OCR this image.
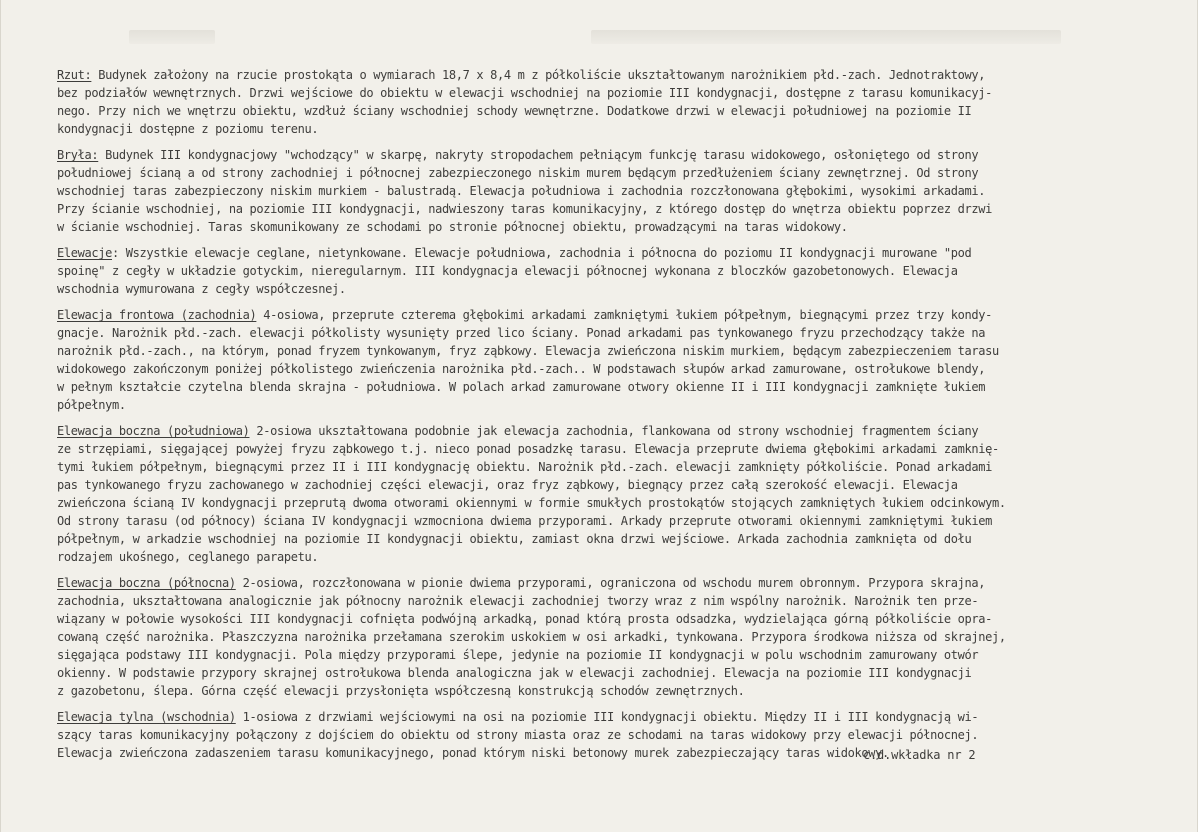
Rzut: Budynek założony na rzucie prostokąta o wymiarach 18,7 x 8,4 m z półkoliście ukształtowanym narożnikiem płd.-zach. Jednotraktowy,
bez podziałów wewnętrznych. Drzwi wejściowe do obiektu w elewacji wschodniej na poziomie III kondygnacji, dostępne z tarasu komunikacyj-
nego. Przy nich we wnętrzu obiektu, wzdłuż ściany wschodniej schody wewnętrzne. Dodatkowe drzwi w elewacji południowej na poziomie II
kondygnacji dostępne z poziomu terenu.

Bryła: Budynek III kondygnacjowy "wchodzący" w skarpę, nakryty stropodachem pełniącym funkcję tarasu widokowego, osłoniętego od strony
południowej ścianą a od strony zachodniej i północnej zabezpieczonego niskim murem będącym przedłużeniem ściany zewnętrznej. Od strony
wschodniej taras zabezpieczony niskim murkiem - balustradą. Elewacja południowa i zachodnia rozczłonowana głębokimi, wysokimi arkadami.
Przy ścianie wschodniej, na poziomie III kondygnacji, nadwieszony taras komunikacyjny, z którego dostęp do wnętrza obiektu poprzez drzwi
w ścianie wschodniej. Taras skomunikowany ze schodami po stronie północnej obiektu, prowadzącymi na taras widokowy.

Elewacje: Wszystkie elewacje ceglane, nietynkowane. Elewacje południowa, zachodnia i północna do poziomu II kondygnacji murowane "pod
spoinę" z cegły w układzie gotyckim, nieregularnym. III kondygnacja elewacji północnej wykonana z bloczków gazobetonowych. Elewacja
wschodnia wymurowana z cegły współczesnej.

Elewacja frontowa (zachodnia) 4-osiowa, przeprute czterema głębokimi arkadami zamkniętymi łukiem półpełnym, biegnącymi przez trzy kondy-
gnacje. Narożnik płd.-zach. elewacji półkolisty wysunięty przed lico ściany. Ponad arkadami pas tynkowanego fryzu przechodzący także na
narożnik płd.-zach., na którym, ponad fryzem tynkowanym, fryz ząbkowy. Elewacja zwieńczona niskim murkiem, będącym zabezpieczeniem tarasu
widokowego zakończonym poniżej półkolistego zwieńczenia narożnika płd.-zach.. W podstawach słupów arkad zamurowane, ostrołukowe blendy,
w pełnym kształcie czytelna blenda skrajna - południowa. W polach arkad zamurowane otwory okienne II i III kondygnacji zamknięte łukiem
półpełnym.

Elewacja boczna (południowa) 2-osiowa ukształtowana podobnie jak elewacja zachodnia, flankowana od strony wschodniej fragmentem ściany
ze strzępiami, sięgającej powyżej fryzu ząbkowego t.j. nieco ponad posadzkę tarasu. Elewacja przeprute dwiema głębokimi arkadami zamknię-
tymi łukiem półpełnym, biegnącymi przez II i III kondygnację obiektu. Narożnik płd.-zach. elewacji zamknięty półkoliście. Ponad arkadami
pas tynkowanego fryzu zachowanego w zachodniej części elewacji, oraz fryz ząbkowy, biegnący przez całą szerokość elewacji. Elewacja
zwieńczona ścianą IV kondygnacji przeprutą dwoma otworami okiennymi w formie smukłych prostokątów stojących zamkniętych łukiem odcinkowym.
Od strony tarasu (od północy) ściana IV kondygnacji wzmocniona dwiema przyporami. Arkady przeprute otworami okiennymi zamkniętymi łukiem
półpełnym, w arkadzie wschodniej na poziomie II kondygnacji obiektu, zamiast okna drzwi wejściowe. Arkada zachodnia zamknięta od dołu
rodzajem ukośnego, ceglanego parapetu.

Elewacja boczna (północna) 2-osiowa, rozczłonowana w pionie dwiema przyporami, ograniczona od wschodu murem obronnym. Przypora skrajna,
zachodnia, ukształtowana analogicznie jak północny narożnik elewacji zachodniej tworzy wraz z nim wspólny narożnik. Narożnik ten prze-
wiązany w połowie wysokości III kondygnacji cofnięta podwójną arkadką, ponad którą prosta odsadzka, wydzielająca górną półkoliście opra-
cowaną część narożnika. Płaszczyzna narożnika przełamana szerokim uskokiem w osi arkadki, tynkowana. Przypora środkowa niższa od skrajnej,
sięgająca podstawy III kondygnacji. Pola między przyporami ślepe, jedynie na poziomie II kondygnacji w polu wschodnim zamurowany otwór
okienny. W podstawie przypory skrajnej ostrołukowa blenda analogiczna jak w elewacji zachodniej. Elewacja na poziomie III kondygnacji
z gazobetonu, ślepa. Górna część elewacji przysłonięta współczesną konstrukcją schodów zewnętrznych.

Elewacja tylna (wschodnia) 1-osiowa z drzwiami wejściowymi na osi na poziomie III kondygnacji obiektu. Między II i III kondygnacją wi-
szący taras komunikacyjny połączony z dojściem do obiektu od strony miasta oraz ze schodami na taras widokowy przy elewacji północnej.
Elewacja zwieńczona zadaszeniem tarasu komunikacyjnego, ponad którym niski betonowy murek zabezpieczający taras widokowy.

c.d.wkładka nr 2
